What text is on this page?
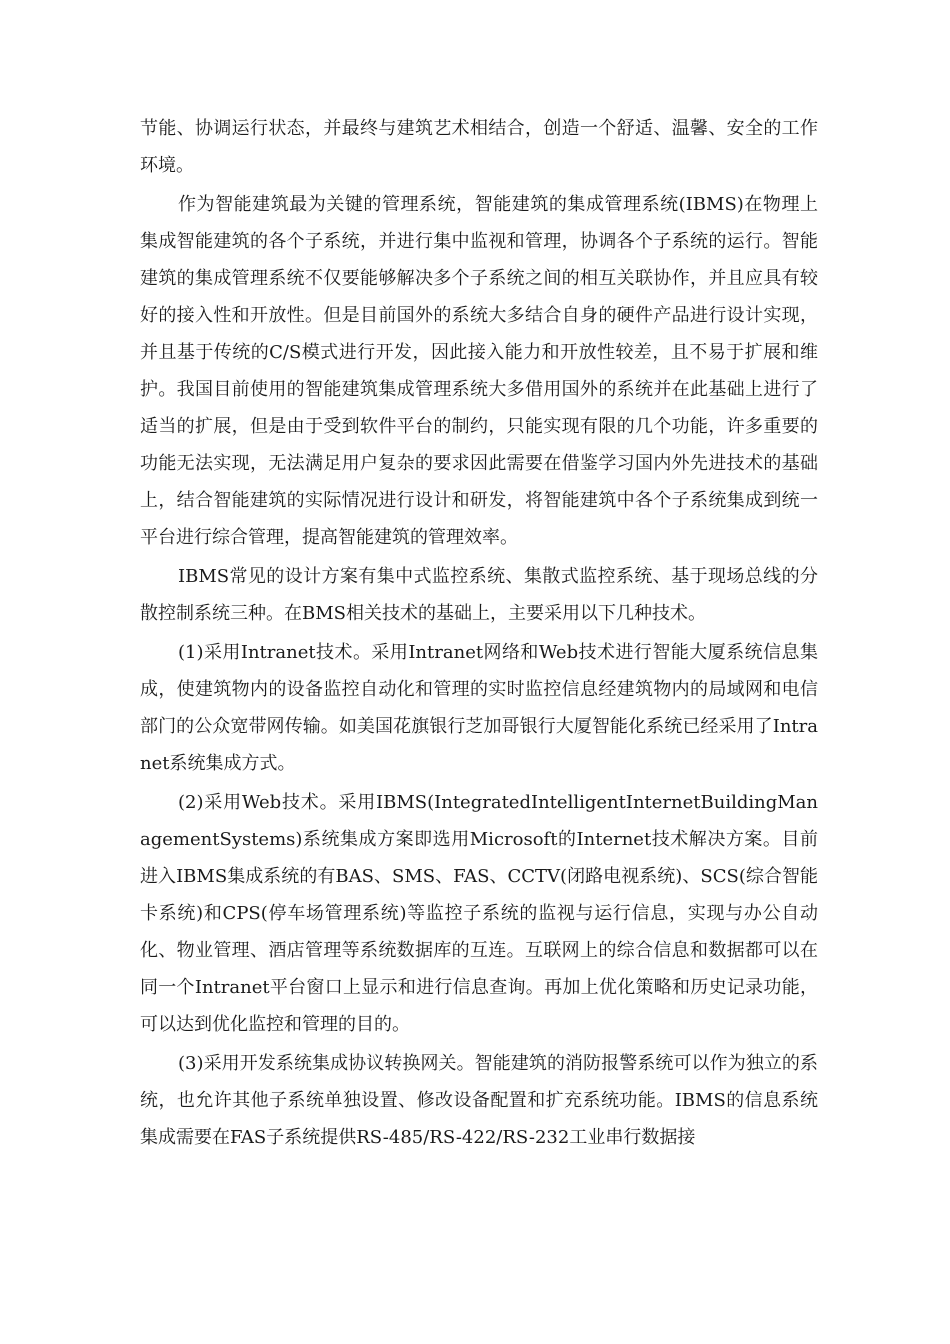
节能、协调运行状态，并最终与建筑艺术相结合，创造一个舒适、温馨、安全的工作环境。

作为智能建筑最为关键的管理系统，智能建筑的集成管理系统(IBMS)在物理上集成智能建筑的各个子系统，并进行集中监视和管理，协调各个子系统的运行。智能建筑的集成管理系统不仅要能够解决多个子系统之间的相互关联协作，并且应具有较好的接入性和开放性。但是目前国外的系统大多结合自身的硬件产品进行设计实现，并且基于传统的C/S模式进行开发，因此接入能力和开放性较差，且不易于扩展和维护。我国目前使用的智能建筑集成管理系统大多借用国外的系统并在此基础上进行了适当的扩展，但是由于受到软件平台的制约，只能实现有限的几个功能，许多重要的功能无法实现，无法满足用户复杂的要求因此需要在借鉴学习国内外先进技术的基础上，结合智能建筑的实际情况进行设计和研发，将智能建筑中各个子系统集成到统一平台进行综合管理，提高智能建筑的管理效率。

IBMS常见的设计方案有集中式监控系统、集散式监控系统、基于现场总线的分散控制系统三种。在BMS相关技术的基础上，主要采用以下几种技术。

(1)采用Intranet技术。采用Intranet网络和Web技术进行智能大厦系统信息集成，使建筑物内的设备监控自动化和管理的实时监控信息经建筑物内的局域网和电信部门的公众宽带网传输。如美国花旗银行芝加哥银行大厦智能化系统已经采用了Intranet系统集成方式。

(2)采用Web技术。采用IBMS(IntegratedIntelligentInternetBuildingManagementSystems)系统集成方案即选用Microsoft的Internet技术解决方案。目前进入IBMS集成系统的有BAS、SMS、FAS、CCTV(闭路电视系统)、SCS(综合智能卡系统)和CPS(停车场管理系统)等监控子系统的监视与运行信息，实现与办公自动化、物业管理、酒店管理等系统数据库的互连。互联网上的综合信息和数据都可以在同一个Intranet平台窗口上显示和进行信息查询。再加上优化策略和历史记录功能，可以达到优化监控和管理的目的。

(3)采用开发系统集成协议转换网关。智能建筑的消防报警系统可以作为独立的系统，也允许其他子系统单独设置、修改设备配置和扩充系统功能。IBMS的信息系统集成需要在FAS子系统提供RS-485/RS-422/RS-232工业串行数据接
